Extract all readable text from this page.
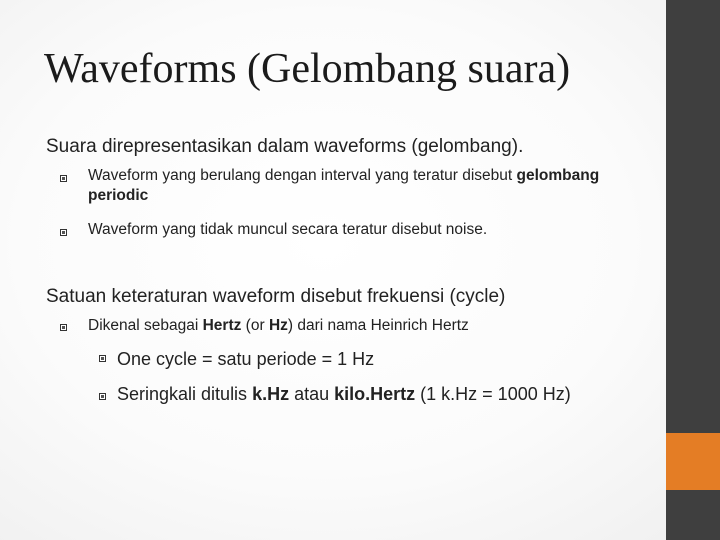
Waveforms (Gelombang suara)
Suara direpresentasikan dalam waveforms (gelombang).
Waveform yang berulang dengan interval yang teratur disebut gelombang periodic
Waveform yang tidak muncul secara teratur disebut noise.
Satuan keteraturan waveform disebut frekuensi (cycle)
Dikenal sebagai Hertz (or Hz) dari nama Heinrich Hertz
One cycle = satu periode = 1 Hz
Seringkali ditulis k.Hz atau kilo.Hertz (1 k.Hz = 1000 Hz)
